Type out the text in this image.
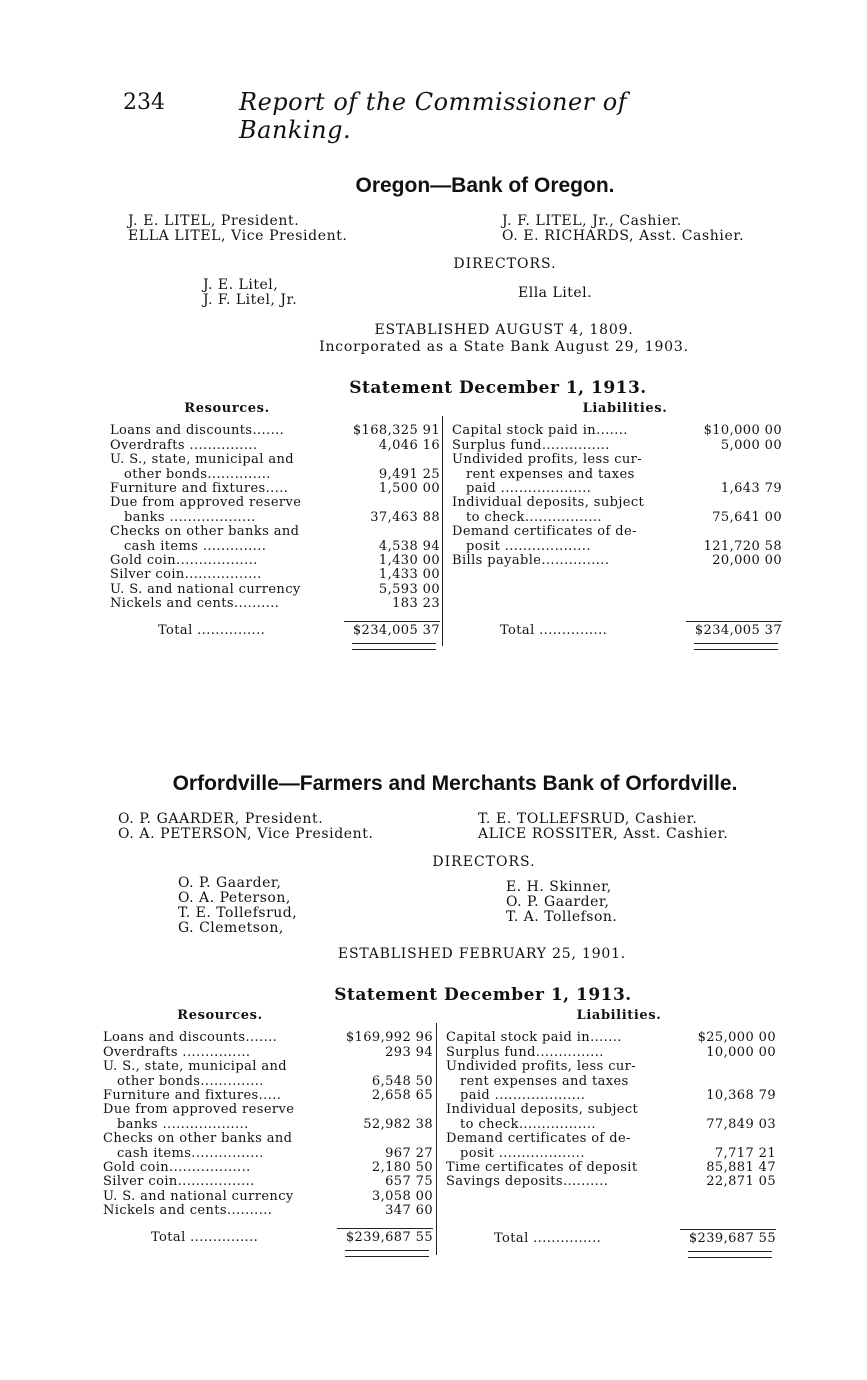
234	Report of the Commissioner of Banking.
Oregon—Bank of Oregon.
J. E. LITEL, President.
ELLA LITEL, Vice President.
J. F. LITEL, Jr., Cashier.
O. E. RICHARDS, Asst. Cashier.
DIRECTORS.
J. E. Litel,
J. F. Litel, Jr.	Ella Litel.
ESTABLISHED AUGUST 4, 1809.
Incorporated as a State Bank August 29, 1903.
Statement December 1, 1913.
Resources.
Loans and discounts.......	$168,325 91
Overdrafts ...............	4,046 16
U. S., state, municipal and
other bonds..............	9,491 25
Furniture and fixtures.....	1,500 00
Due from approved reserve
banks ...................	37,463 88
Checks on other banks and
cash items ..............	4,538 94
Gold coin..................	1,430 00
Silver coin.................	1,433 00
U. S. and national currency	5,593 00
Nickels and cents..........	183 23
Total ...............	$234,005 37
Liabilities.
Capital stock paid in.......	$10,000 00
Surplus fund...............	5,000 00
Undivided profits, less cur-
rent expenses and taxes
paid ....................	1,643 79
Individual deposits, subject
to check.................	75,641 00
Demand certificates of de-
posit ...................	121,720 58
Bills payable...............	20,000 00
Total ...............	$234,005 37
Orfordville—Farmers and Merchants Bank of Orfordville.
O. P. GAARDER, President.
O. A. PETERSON, Vice President.
T. E. TOLLEFSRUD, Cashier.
ALICE ROSSITER, Asst. Cashier.
DIRECTORS.
O. P. Gaarder,
O. A. Peterson,
T. E. Tollefsrud,
G. Clemetson,
E. H. Skinner,
O. P. Gaarder,
T. A. Tollefson.
ESTABLISHED FEBRUARY 25, 1901.
Statement December 1, 1913.
Resources.
Loans and discounts.......	$169,992 96
Overdrafts ...............	293 94
U. S., state, municipal and
other bonds..............	6,548 50
Furniture and fixtures.....	2,658 65
Due from approved reserve
banks ...................	52,982 38
Checks on other banks and
cash items................	967 27
Gold coin..................	2,180 50
Silver coin.................	657 75
U. S. and national currency	3,058 00
Nickels and cents..........	347 60
Total ...............	$239,687 55
Liabilities.
Capital stock paid in.......	$25,000 00
Surplus fund...............	10,000 00
Undivided profits, less cur-
rent expenses and taxes
paid ....................	10,368 79
Individual deposits, subject
to check.................	77,849 03
Demand certificates of de-
posit ...................	7,717 21
Time certificates of deposit	85,881 47
Savings deposits..........	22,871 05
Total ...............	$239,687 55
